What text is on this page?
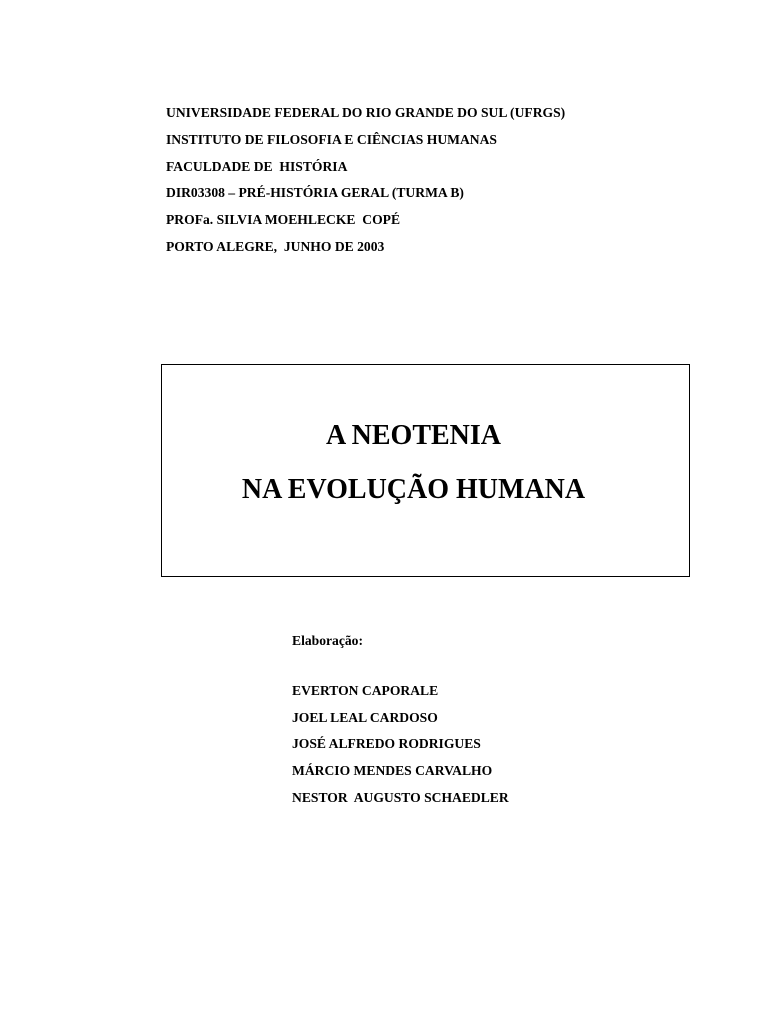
UNIVERSIDADE FEDERAL DO RIO GRANDE DO SUL (UFRGS)
INSTITUTO DE FILOSOFIA E CIÊNCIAS HUMANAS
FACULDADE DE  HISTÓRIA
DIR03308 – PRÉ-HISTÓRIA GERAL (TURMA B)
PROFa. SILVIA MOEHLECKE  COPÉ
PORTO ALEGRE,  JUNHO DE 2003
A NEOTENIA
NA EVOLUÇÃO HUMANA
Elaboração:
EVERTON CAPORALE
JOEL LEAL CARDOSO
JOSÉ ALFREDO RODRIGUES
MÁRCIO MENDES CARVALHO
NESTOR  AUGUSTO SCHAEDLER
